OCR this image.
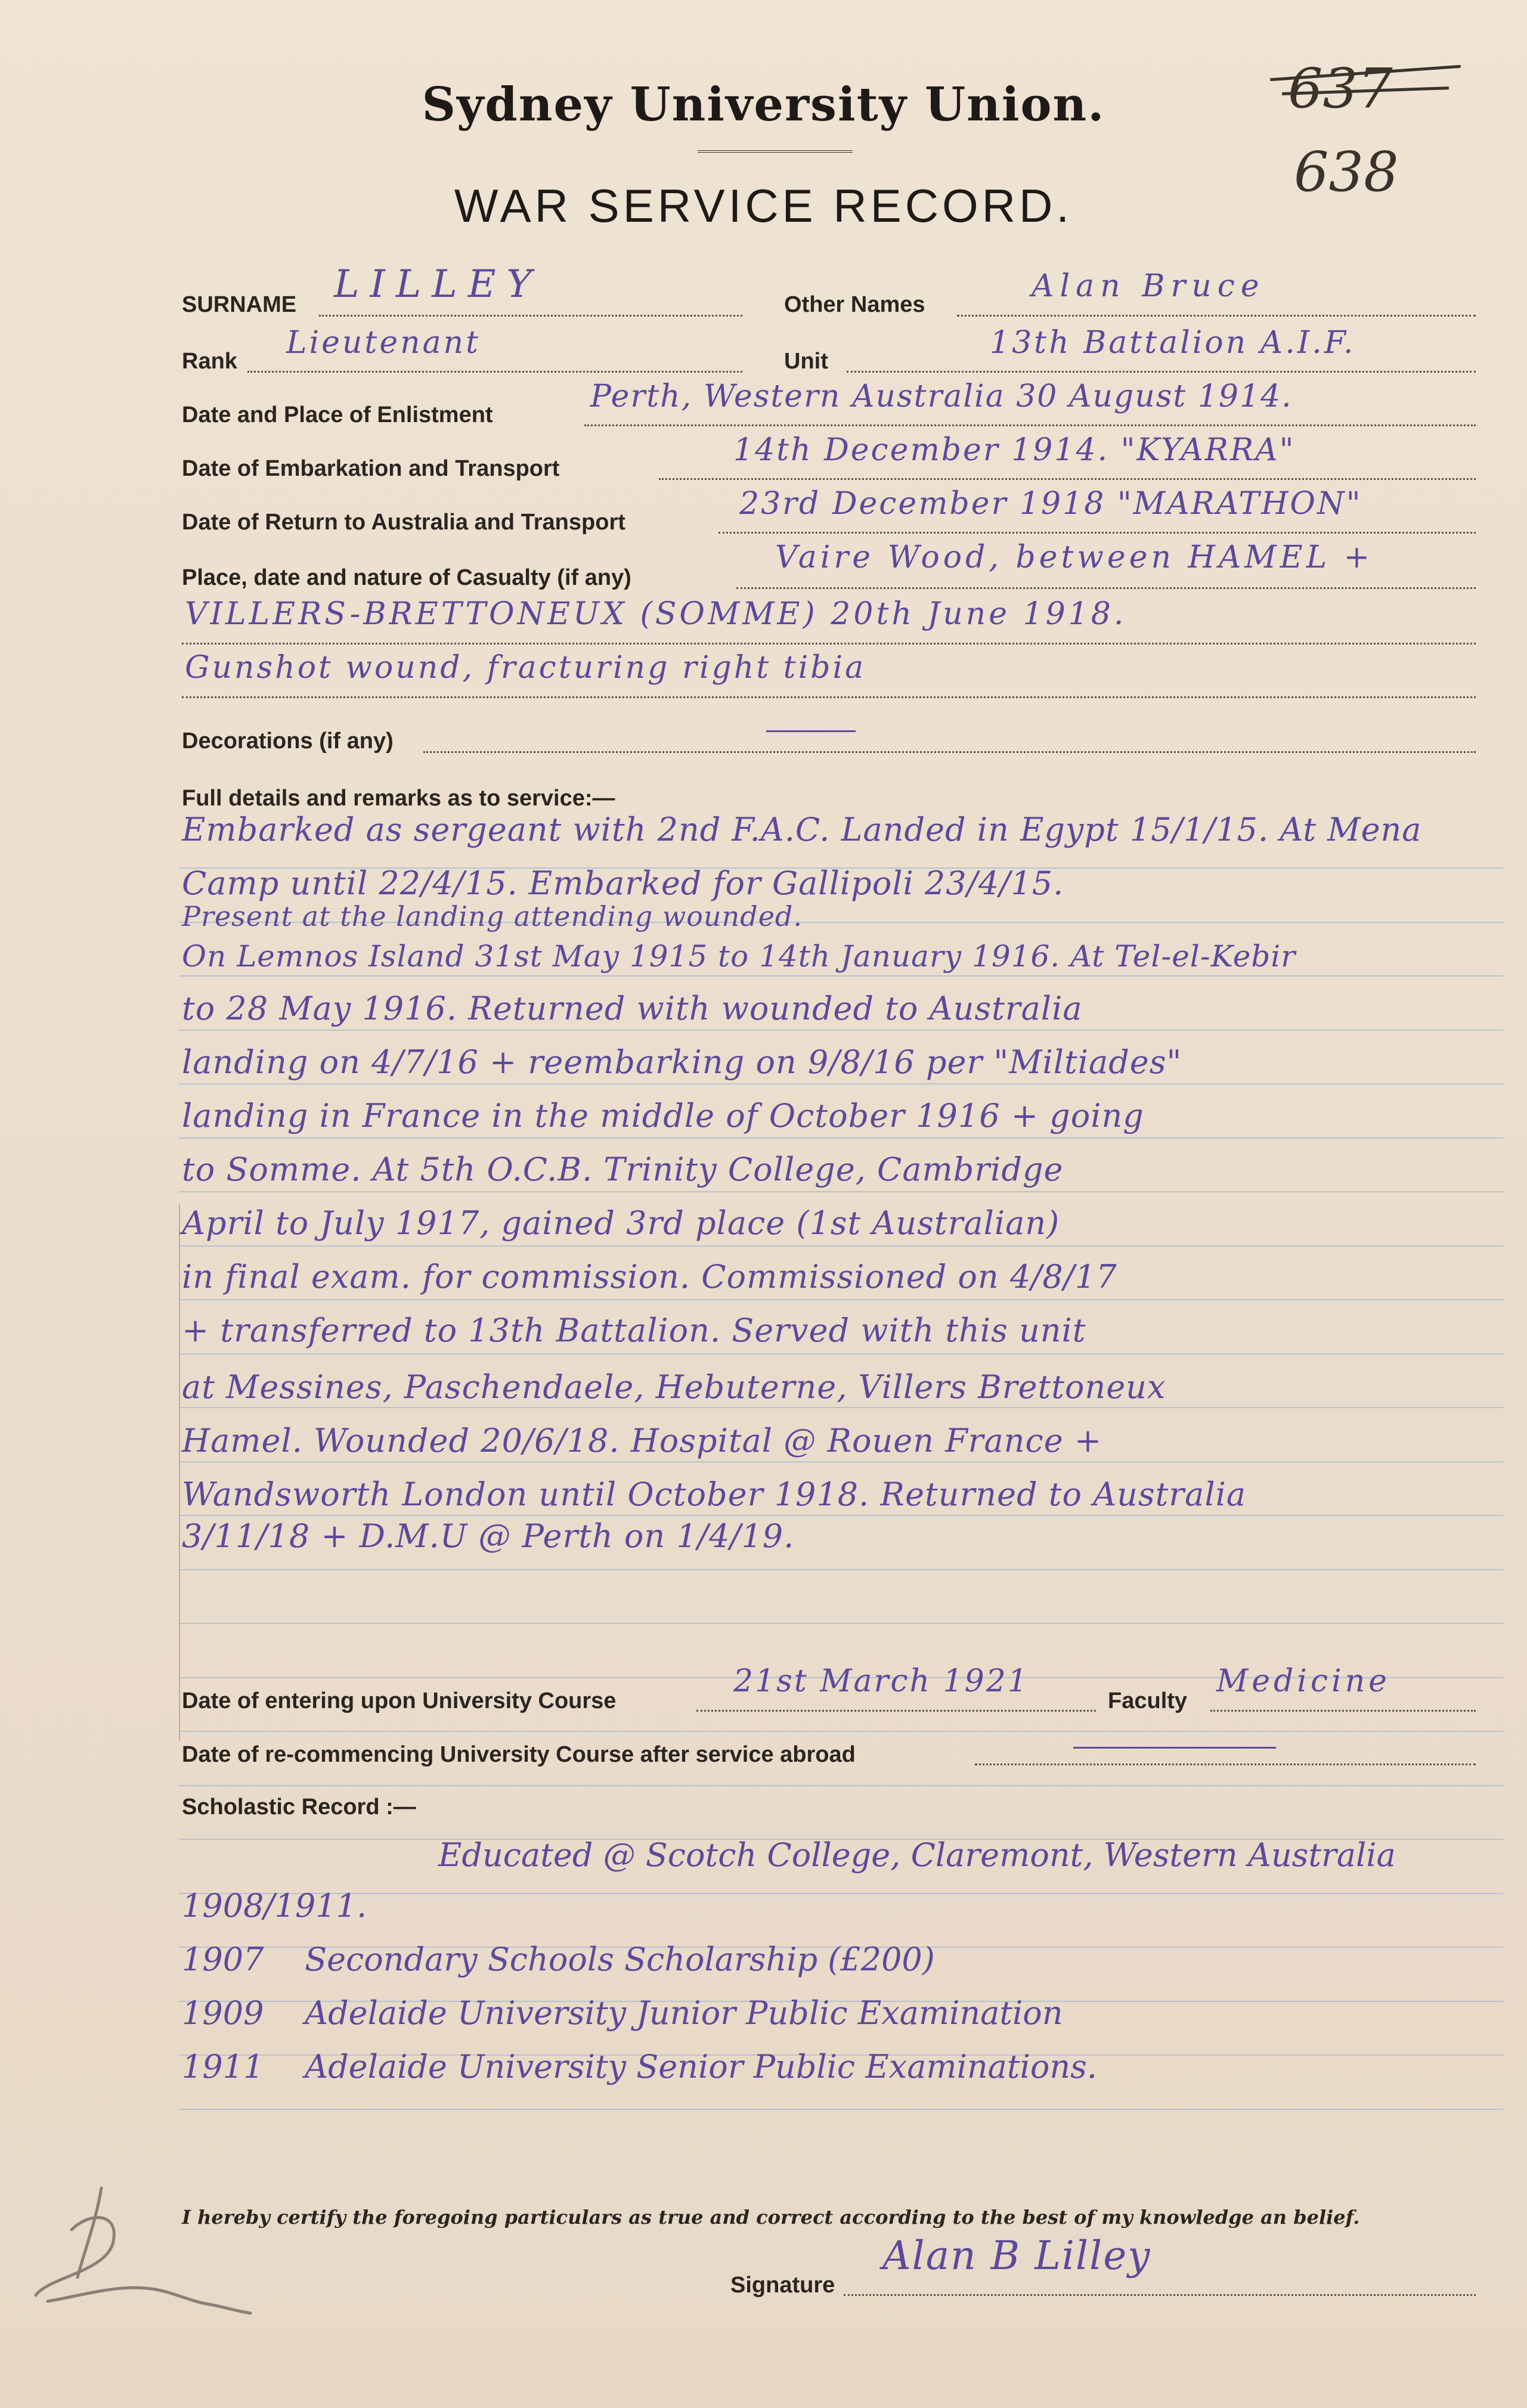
Sydney University Union.
WAR SERVICE RECORD.
637
638
SURNAME LILLEY	Other Names
Alan Bruce
Rank
Lieutenant
Unit
13th Battalion A.I.F.
Date and Place of Enlistment
Perth, Western Australia 30 August 1914.
Date of Embarkation and Transport
14th December 1914. "KYARRA"
Date of Return to Australia and Transport
23rd December 1918 "MARATHON"
Place, date and nature of Casualty (if any)
Vaire Wood, between HAMEL +
VILLERS-BRETTONEUX (SOMME) 20th June 1918.
Gunshot wound, fracturing right tibia
Decorations (if any)
Full details and remarks as to service:—
Embarked as sergeant with 2nd F.A.C. Landed in Egypt 15/1/15. At Mena
Camp until 22/4/15. Embarked for Gallipoli 23/4/15.
Present at the landing attending wounded.
On Lemnos Island 31st May 1915 to 14th January 1916. At Tel-el-Kebir
to 28 May 1916. Returned with wounded to Australia
landing on 4/7/16 + reembarking on 9/8/16 per "Miltiades"
landing in France in the middle of October 1916 + going
to Somme. At 5th O.C.B. Trinity College, Cambridge
April to July 1917, gained 3rd place (1st Australian)
in final exam. for commission. Commissioned on 4/8/17
+ transferred to 13th Battalion. Served with this unit
at Messines, Paschendaele, Hebuterne, Villers Brettoneux
Hamel. Wounded 20/6/18. Hospital @ Rouen France +
Wandsworth London until October 1918. Returned to Australia
3/11/18 + D.M.U @ Perth on 1/4/19.
Date of entering upon University Course
21st March 1921
Faculty
Medicine
Date of re-commencing University Course after service abroad
Scholastic Record :—
Educated @ Scotch College, Claremont, Western Australia
1908/1911.
1907    Secondary Schools Scholarship (£200)
1909    Adelaide University Junior Public Examination
1911    Adelaide University Senior Public Examinations.
I hereby certify the foregoing particulars as true and correct according to the best of my knowledge an belief.
Signature
Alan B Lilley
